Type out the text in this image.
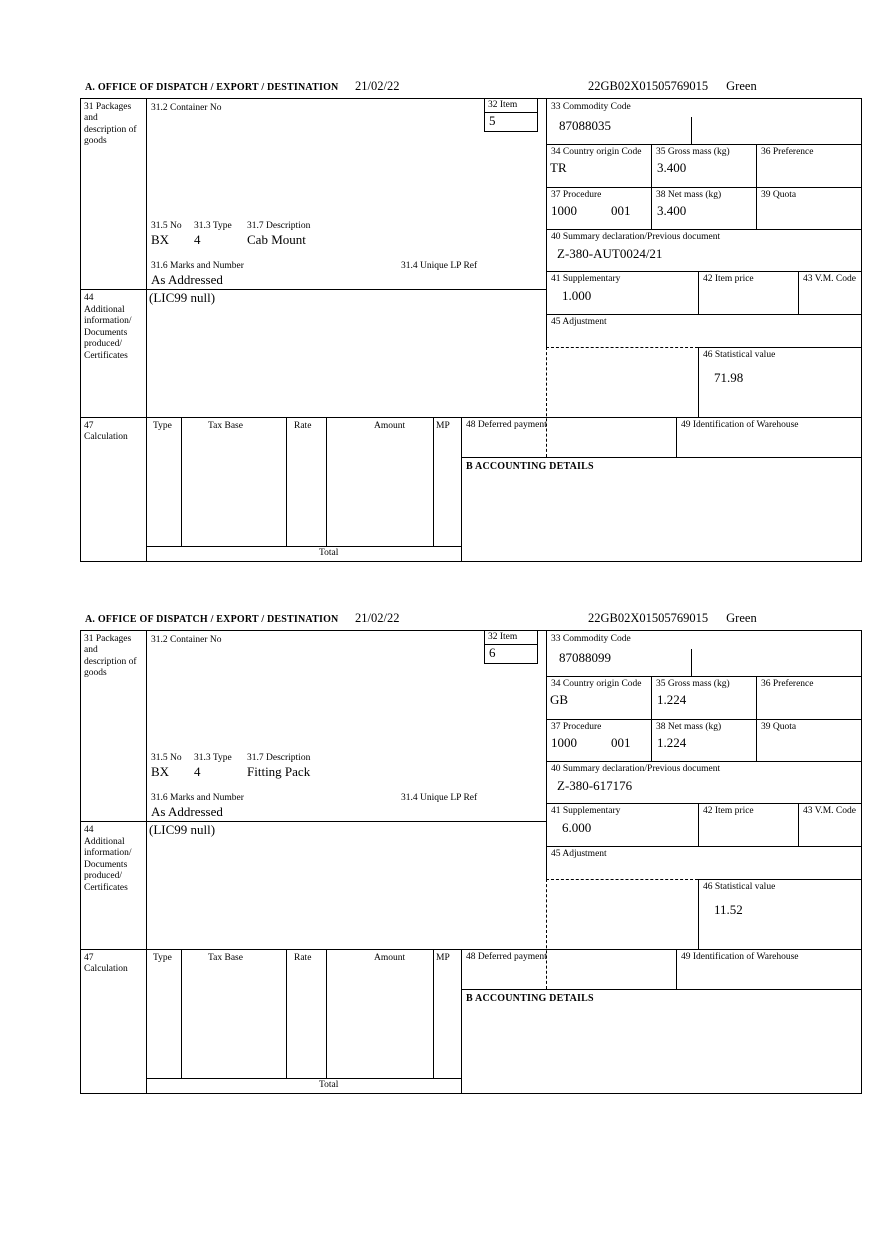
A. OFFICE OF DISPATCH / EXPORT / DESTINATION 21/02/22	22GB02X01505769015 Green
31 Packages and description of goods
31.2 Container No	32 Item
5
31.5 No 31.3 Type 31.7 Description
BX 4	Cab Mount
31.6 Marks and Number	31.4 Unique LP Ref
As Addressed
44
Additional information/ Documents produced/ Certificates
(LIC99 null)
33 Commodity Code
87088035
34 Country origin Code
TR
35 Gross mass (kg)
3.400
36 Preference
37 Procedure
1000	001
38 Net mass (kg)
3.400
39 Quota
40 Summary declaration/Previous document
Z-380-AUT0024/21
41 Supplementary
1.000
42 Item price	43 V.M. Code
45 Adjustment
46 Statistical value
71.98
47 Calculation
Type	Tax Base	Rate	Amount	MP
Total
48 Deferred payment	49 Identification of Warehouse
B ACCOUNTING DETAILS
A. OFFICE OF DISPATCH / EXPORT / DESTINATION 21/02/22	22GB02X01505769015 Green
31 Packages and description of goods
31.2 Container No	32 Item
6
31.5 No 31.3 Type 31.7 Description
BX 4	Fitting Pack
31.6 Marks and Number	31.4 Unique LP Ref
As Addressed
44
Additional information/ Documents produced/ Certificates
(LIC99 null)
33 Commodity Code
87088099
34 Country origin Code
GB
35 Gross mass (kg)
1.224
36 Preference
37 Procedure
1000	001
38 Net mass (kg)
1.224
39 Quota
40 Summary declaration/Previous document
Z-380-617176
41 Supplementary
6.000
42 Item price	43 V.M. Code
45 Adjustment
46 Statistical value
11.52
47 Calculation
Type	Tax Base	Rate	Amount	MP
Total
48 Deferred payment	49 Identification of Warehouse
B ACCOUNTING DETAILS
